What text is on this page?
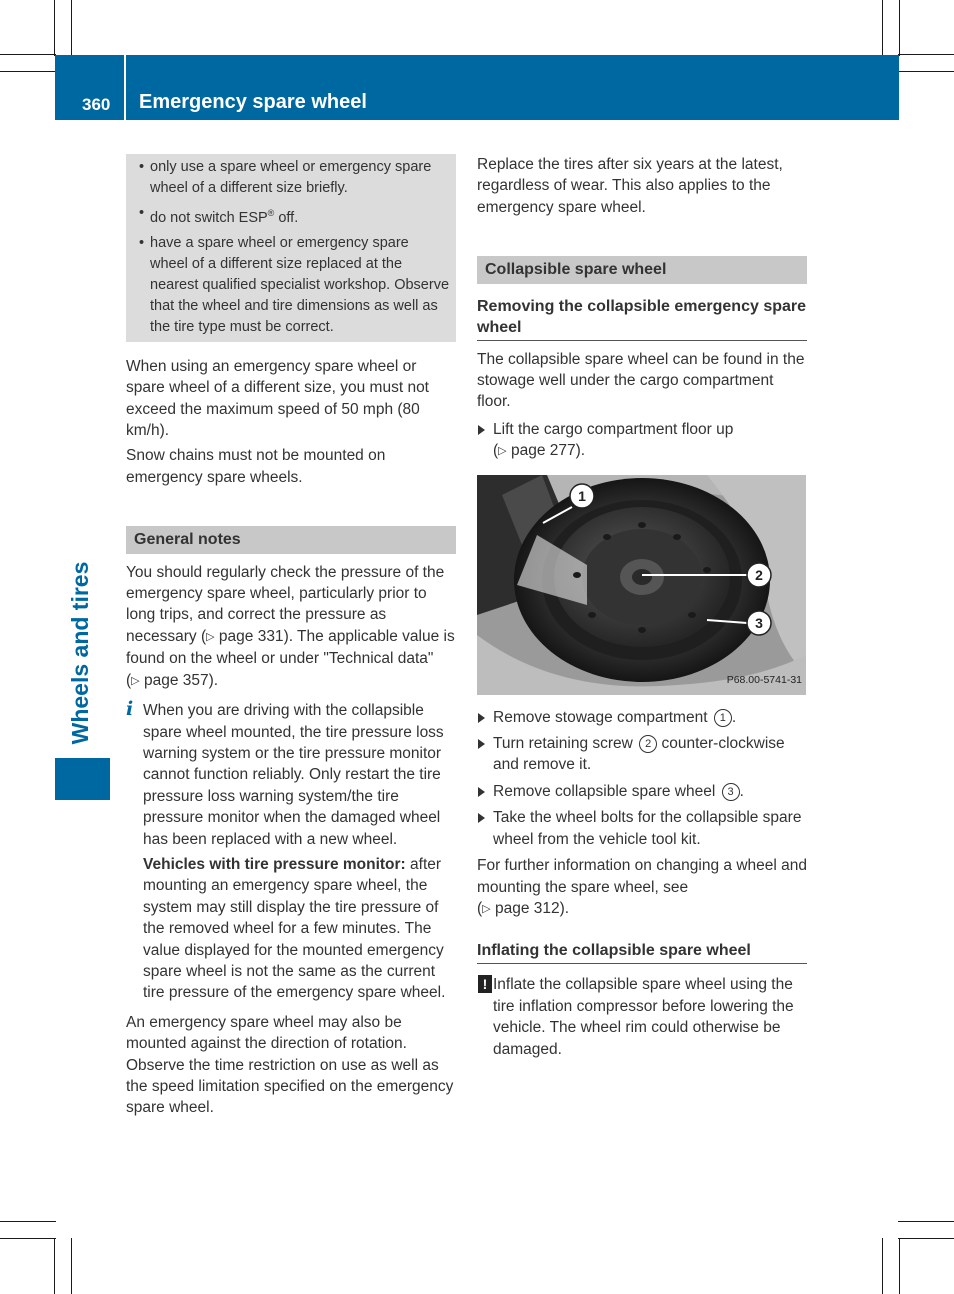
360 Emergency spare wheel
Wheels and tires
• only use a spare wheel or emergency spare wheel of a different size briefly.
• do not switch ESP® off.
• have a spare wheel or emergency spare wheel of a different size replaced at the nearest qualified specialist workshop. Observe that the wheel and tire dimensions as well as the tire type must be correct.

When using an emergency spare wheel or spare wheel of a different size, you must not exceed the maximum speed of 50 mph (80 km/h).

Snow chains must not be mounted on emergency spare wheels.

General notes

You should regularly check the pressure of the emergency spare wheel, particularly prior to long trips, and correct the pressure as necessary (▷ page 331). The applicable value is found on the wheel or under "Technical data" (▷ page 357).

i When you are driving with the collapsible spare wheel mounted, the tire pressure loss warning system or the tire pressure monitor cannot function reliably. Only restart the tire pressure loss warning system/the tire pressure monitor when the damaged wheel has been replaced with a new wheel.

Vehicles with tire pressure monitor: after mounting an emergency spare wheel, the system may still display the tire pressure of the removed wheel for a few minutes. The value displayed for the mounted emergency spare wheel is not the same as the current tire pressure of the emergency spare wheel.

An emergency spare wheel may also be mounted against the direction of rotation. Observe the time restriction on use as well as the speed limitation specified on the emergency spare wheel.

Replace the tires after six years at the latest, regardless of wear. This also applies to the emergency spare wheel.

Collapsible spare wheel
Removing the collapsible emergency spare wheel

The collapsible spare wheel can be found in the stowage well under the cargo compartment floor.

Lift the cargo compartment floor up
(▷ page 277).
1
2
3
P68.00-5741-31
Remove stowage compartment 1 .
Turn retaining screw 2 counter-clockwise and remove it.
Remove collapsible spare wheel 3 .
Take the wheel bolts for the collapsible spare wheel from the vehicle tool kit.

For further information on changing a wheel and mounting the spare wheel, see
(▷ page 312).

Inflating the collapsible spare wheel
! Inflate the collapsible spare wheel using the tire inflation compressor before lowering the vehicle. The wheel rim could otherwise be damaged.
